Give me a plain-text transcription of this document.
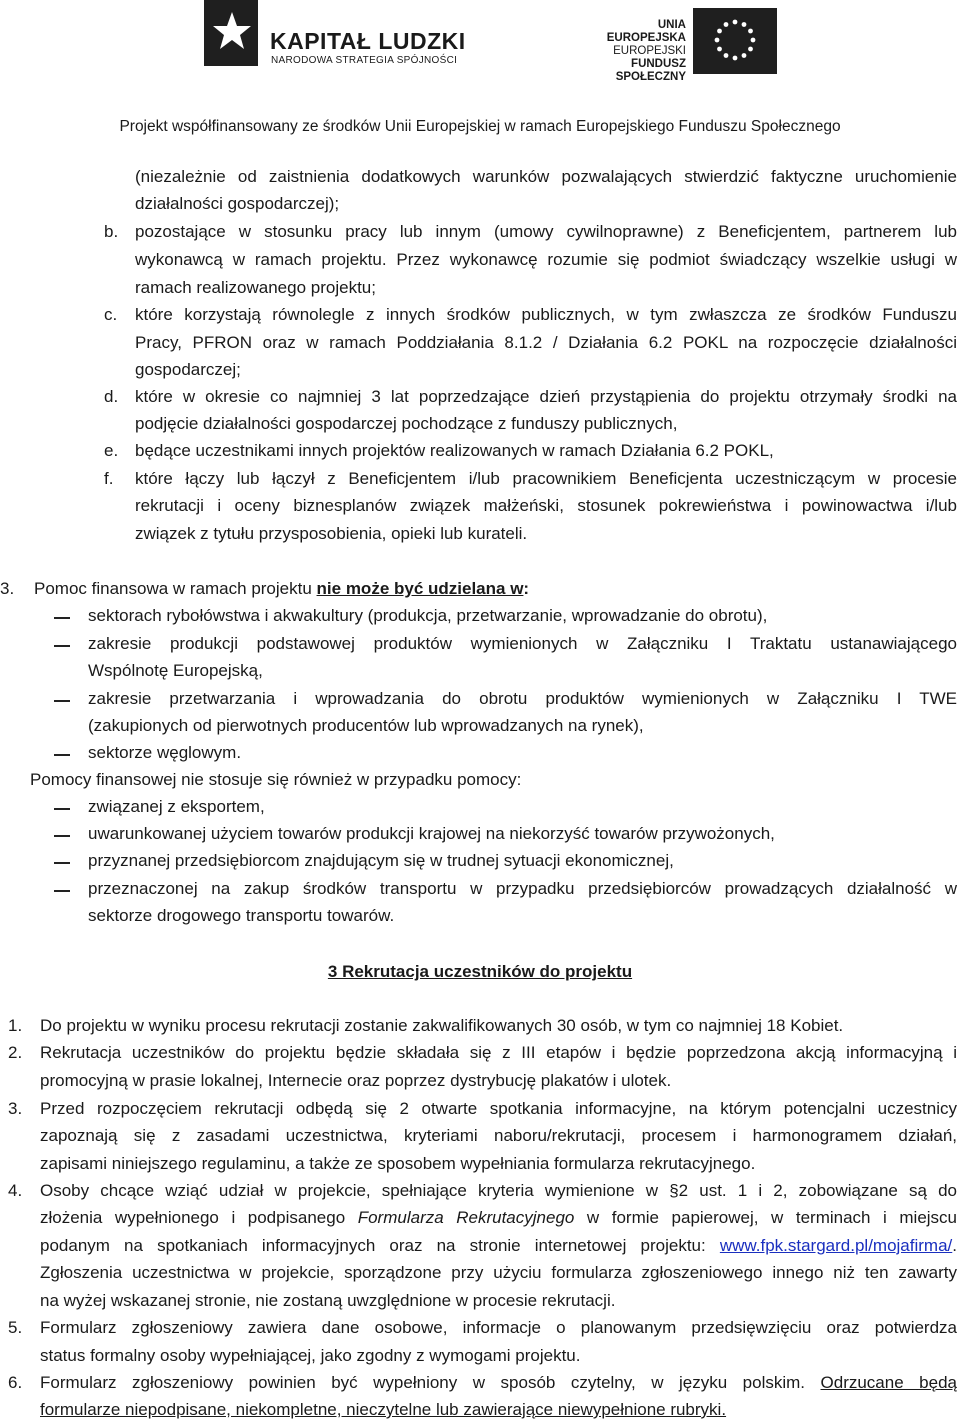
KAPITAŁ LUDZKI
NARODOWA STRATEGIA SPÓJNOŚCI
UNIA EUROPEJSKA
EUROPEJSKI
FUNDUSZ SPOŁECZNY
Projekt współfinansowany ze środków Unii Europejskiej w ramach Europejskiego Funduszu Społecznego
(niezależnie od zaistnienia dodatkowych warunków pozwalających stwierdzić faktyczne uruchomienie
działalności gospodarczej);
b. pozostające w stosunku pracy lub innym (umowy cywilnoprawne) z Beneficjentem, partnerem lub
wykonawcą w ramach projektu. Przez wykonawcę rozumie się podmiot świadczący wszelkie usługi w
ramach realizowanego projektu;
c. które korzystają równolegle z innych środków publicznych, w tym zwłaszcza ze środków Funduszu
Pracy, PFRON oraz w ramach Poddziałania 8.1.2 / Działania 6.2 POKL na rozpoczęcie działalności
gospodarczej;
d. które w okresie co najmniej 3 lat poprzedzające dzień przystąpienia do projektu otrzymały środki na
podjęcie działalności gospodarczej pochodzące z funduszy publicznych,
e. będące uczestnikami innych projektów realizowanych w ramach Działania 6.2 POKL,
f. które łączy lub łączył z Beneficjentem i/lub pracownikiem Beneficjenta uczestniczącym w procesie
rekrutacji i oceny biznesplanów związek małżeński, stosunek pokrewieństwa i powinowactwa i/lub
związek z tytułu przysposobienia, opieki lub kurateli.
3. Pomoc finansowa w ramach projektu nie może być udzielana w:
sektorach rybołówstwa i akwakultury (produkcja, przetwarzanie, wprowadzanie do obrotu),
zakresie produkcji podstawowej produktów wymienionych w Załączniku I Traktatu ustanawiającego
Wspólnotę Europejską,
zakresie przetwarzania i wprowadzania do obrotu produktów wymienionych w Załączniku I TWE
(zakupionych od pierwotnych producentów lub wprowadzanych na rynek),
sektorze węglowym.
Pomocy finansowej nie stosuje się również w przypadku pomocy:
związanej z eksportem,
uwarunkowanej użyciem towarów produkcji krajowej na niekorzyść towarów przywożonych,
przyznanej przedsiębiorcom znajdującym się w trudnej sytuacji ekonomicznej,
przeznaczonej na zakup środków transportu w przypadku przedsiębiorców prowadzących działalność w
sektorze drogowego transportu towarów.
3 Rekrutacja uczestników do projektu
1. Do projektu w wyniku procesu rekrutacji zostanie zakwalifikowanych 30 osób, w tym co najmniej 18 Kobiet.
2. Rekrutacja uczestników do projektu będzie składała się z III etapów i będzie poprzedzona akcją informacyjną i
promocyjną w prasie lokalnej, Internecie oraz poprzez dystrybucję plakatów i ulotek.
3. Przed rozpoczęciem rekrutacji odbędą się 2 otwarte spotkania informacyjne, na którym potencjalni uczestnicy
zapoznają się z zasadami uczestnictwa, kryteriami naboru/rekrutacji, procesem i harmonogramem działań,
zapisami niniejszego regulaminu, a także ze sposobem wypełniania formularza rekrutacyjnego.
4. Osoby chcące wziąć udział w projekcie, spełniające kryteria wymienione w §2 ust. 1 i 2, zobowiązane są do
złożenia wypełnionego i podpisanego Formularza Rekrutacyjnego w formie papierowej, w terminach i miejscu
podanym na spotkaniach informacyjnych oraz na stronie internetowej projektu: www.fpk.stargard.pl/mojafirma/.
Zgłoszenia uczestnictwa w projekcie, sporządzone przy użyciu formularza zgłoszeniowego innego niż ten zawarty
na wyżej wskazanej stronie, nie zostaną uwzględnione w procesie rekrutacji.
5. Formularz zgłoszeniowy zawiera dane osobowe, informacje o planowanym przedsięwzięciu oraz potwierdza
status formalny osoby wypełniającej, jako zgodny z wymogami projektu.
6. Formularz zgłoszeniowy powinien być wypełniony w sposób czytelny, w języku polskim. Odrzucane będą
formularze niepodpisane, niekompletne, nieczytelne lub zawierające niewypełnione rubryki.
